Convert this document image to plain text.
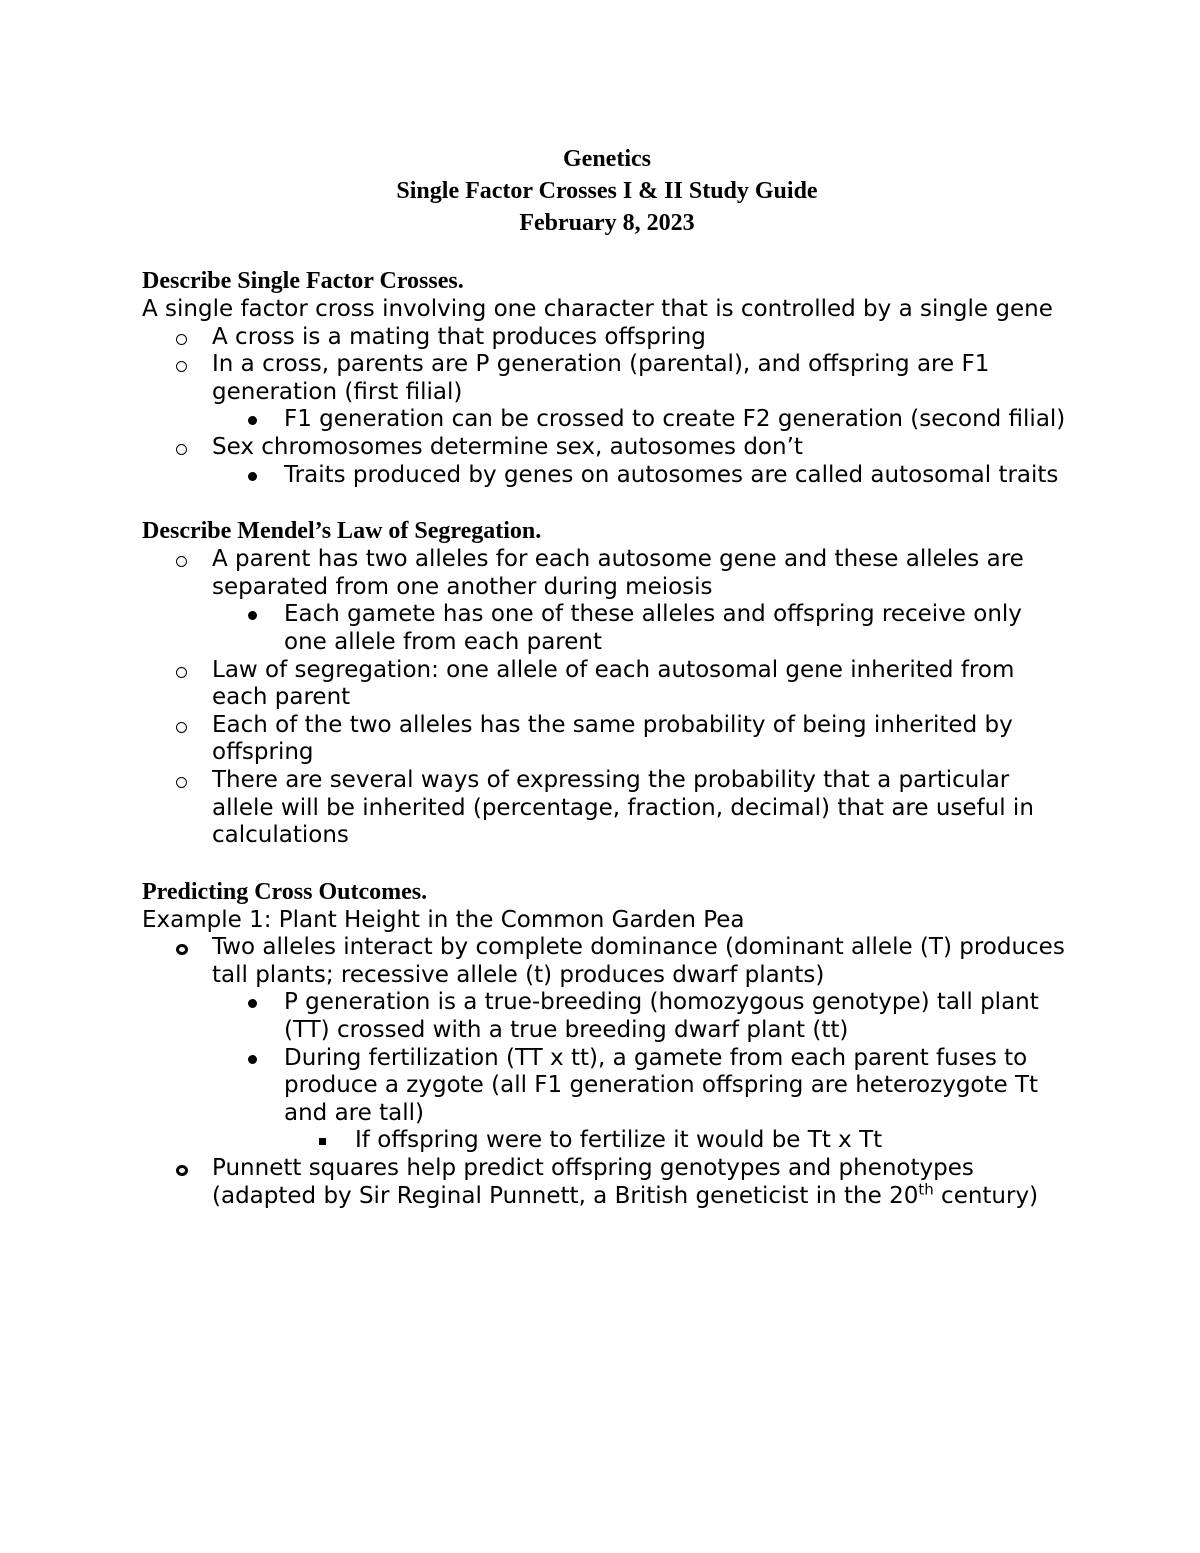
Genetics
Single Factor Crosses I & II Study Guide
February 8, 2023
Describe Single Factor Crosses.
A single factor cross involving one character that is controlled by a single gene
A cross is a mating that produces offspring
In a cross, parents are P generation (parental), and offspring are F1 generation (first filial)
F1 generation can be crossed to create F2 generation (second filial)
Sex chromosomes determine sex, autosomes don’t
Traits produced by genes on autosomes are called autosomal traits
Describe Mendel’s Law of Segregation.
A parent has two alleles for each autosome gene and these alleles are separated from one another during meiosis
Each gamete has one of these alleles and offspring receive only one allele from each parent
Law of segregation: one allele of each autosomal gene inherited from each parent
Each of the two alleles has the same probability of being inherited by offspring
There are several ways of expressing the probability that a particular allele will be inherited (percentage, fraction, decimal) that are useful in calculations
Predicting Cross Outcomes.
Example 1: Plant Height in the Common Garden Pea
Two alleles interact by complete dominance (dominant allele (T) produces tall plants; recessive allele (t) produces dwarf plants)
P generation is a true-breeding (homozygous genotype) tall plant (TT) crossed with a true breeding dwarf plant (tt)
During fertilization (TT x tt), a gamete from each parent fuses to produce a zygote (all F1 generation offspring are heterozygote Tt and are tall)
If offspring were to fertilize it would be Tt x Tt
Punnett squares help predict offspring genotypes and phenotypes (adapted by Sir Reginal Punnett, a British geneticist in the 20th century)
